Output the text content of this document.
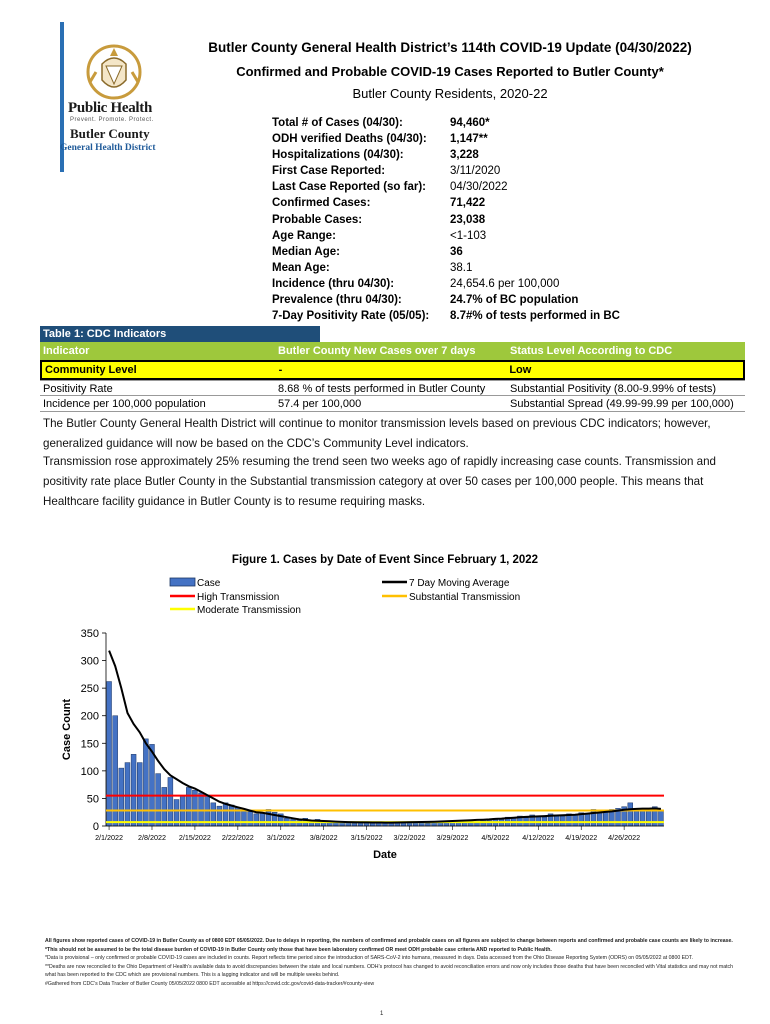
Public Health
Prevent. Promote. Protect.
Butler County
General Health District
Butler County General Health District’s 114th COVID-19 Update (04/30/2022)
Confirmed and Probable COVID-19 Cases Reported to Butler County*
Butler County Residents, 2020-22
Total # of Cases (04/30):	94,460*
ODH verified Deaths (04/30):	1,147**
Hospitalizations (04/30):	3,228
First Case Reported:	3/11/2020
Last Case Reported (so far):	04/30/2022
Confirmed Cases:	71,422
Probable Cases:	23,038
Age Range:	<1-103
Median Age:	36
Mean Age:	38.1
Incidence (thru 04/30):	24,654.6 per 100,000
Prevalence (thru 04/30):	24.7% of BC population
7-Day Positivity Rate (05/05):	8.7#% of tests performed in BC
Table 1: CDC Indicators
Indicator	Butler County New Cases over 7 days	Status Level According to CDC
Community Level	-	Low
Positivity Rate	8.68 % of tests performed in Butler County	Substantial Positivity (8.00-9.99% of tests)
Incidence per 100,000 population	57.4 per 100,000	Substantial Spread (49.99-99.99 per 100,000)
The Butler County General Health District will continue to monitor transmission levels based on previous CDC indicators; however, generalized guidance will now be based on the CDC’s Community Level indicators.
Transmission rose approximately 25% resuming the trend seen two weeks ago of rapidly increasing case counts. Transmission and positivity rate place Butler County in the Substantial transmission category at over 50 cases per 100,000 people. This means that Healthcare facility guidance in Butler County is to resume requiring masks.
Figure 1. Cases by Date of Event Since February 1, 2022
Case	7 Day Moving Average
High Transmission	Substantial Transmission
Moderate Transmission
0
50
100
150
200
250
300
350
Case Count
2/1/2022 2/8/2022 2/15/2022 2/22/2022 3/1/2022 3/8/2022 3/15/2022 3/22/2022 3/29/2022 4/5/2022 4/12/2022 4/19/2022 4/26/2022
Date
All figures show reported cases of COVID-19 in Butler County as of 0800 EDT 05/05/2022. Due to delays in reporting, the numbers of confirmed and probable cases on all figures are subject to change between reports and confirmed and probable case counts are likely to increase. *This should not be assumed to be the total disease burden of COVID-19 in Butler County only those that have been laboratory confirmed OR meet ODH probable case criteria AND reported to Public Health.
*Data is provisional – only confirmed or probable COVID-19 cases are included in counts. Report reflects time period since the introduction of SARS-CoV-2 into humans, measured in days. Data accessed from the Ohio Disease Reporting System (ODRS) on 05/05/2022 at 0800 EDT.
**Deaths are now reconciled to the Ohio Department of Health’s available data to avoid discrepancies between the state and local numbers. ODH’s protocol has changed to avoid reconciliation errors and now only includes those deaths that have been reconciled with Vital statistics and may not match what has been reported to the CDC which are provisional numbers. This is a lagging indicator and will be multiple weeks behind.
#Gathered from CDC’s Data Tracker of Butler County 05/05/2022 0800 EDT accessible at https://covid.cdc.gov/covid-data-tracker/#county-view
1
